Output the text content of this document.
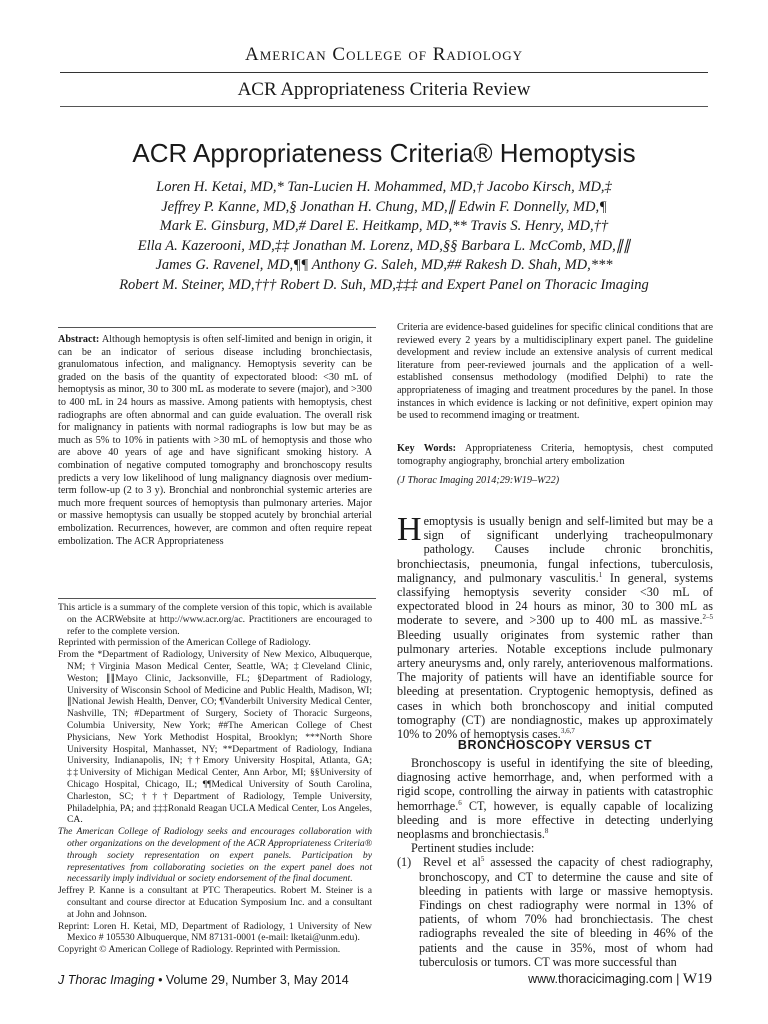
American College of Radiology
ACR Appropriateness Criteria Review
ACR Appropriateness Criteria® Hemoptysis
Loren H. Ketai, MD,* Tan-Lucien H. Mohammed, MD,† Jacobo Kirsch, MD,‡
Jeffrey P. Kanne, MD,§ Jonathan H. Chung, MD,∥ Edwin F. Donnelly, MD,¶
Mark E. Ginsburg, MD,# Darel E. Heitkamp, MD,** Travis S. Henry, MD,††
Ella A. Kazerooni, MD,‡‡ Jonathan M. Lorenz, MD,§§ Barbara L. McComb, MD,∥∥
James G. Ravenel, MD,¶¶ Anthony G. Saleh, MD,## Rakesh D. Shah, MD,***
Robert M. Steiner, MD,††† Robert D. Suh, MD,‡‡‡ and Expert Panel on Thoracic Imaging
Abstract: Although hemoptysis is often self-limited and benign in origin, it can be an indicator of serious disease including bronchiectasis, granulomatous infection, and malignancy. Hemoptysis severity can be graded on the basis of the quantity of expectorated blood: <30 mL of hemoptysis as minor, 30 to 300 mL as moderate to severe (major), and >300 to 400 mL in 24 hours as massive. Among patients with hemoptysis, chest radiographs are often abnormal and can guide evaluation. The overall risk for malignancy in patients with normal radiographs is low but may be as much as 5% to 10% in patients with >30 mL of hemoptysis and those who are above 40 years of age and have significant smoking history. A combination of negative computed tomography and bronchoscopy results predicts a very low likelihood of lung malignancy diagnosis over medium-term follow-up (2 to 3 y). Bronchial and nonbronchial systemic arteries are much more frequent sources of hemoptysis than pulmonary arteries. Major or massive hemoptysis can usually be stopped acutely by bronchial arterial embolization. Recurrences, however, are common and often require repeat embolization. The ACR Appropriateness

This article is a summary of the complete version of this topic, which is available on the ACRWebsite at http://www.acr.org/ac. Practitioners are encouraged to refer to the complete version.

Reprinted with permission of the American College of Radiology.

From the *Department of Radiology, University of New Mexico, Albuquerque, NM; †Virginia Mason Medical Center, Seattle, WA; ‡Cleveland Clinic, Weston; ∥∥Mayo Clinic, Jacksonville, FL; §Department of Radiology, University of Wisconsin School of Medicine and Public Health, Madison, WI; ∥National Jewish Health, Denver, CO; ¶Vanderbilt University Medical Center, Nashville, TN; #Department of Surgery, Society of Thoracic Surgeons, Columbia University, New York; ##The American College of Chest Physicians, New York Methodist Hospital, Brooklyn; ***North Shore University Hospital, Manhasset, NY; **Department of Radiology, Indiana University, Indianapolis, IN; ††Emory University Hospital, Atlanta, GA; ‡‡University of Michigan Medical Center, Ann Arbor, MI; §§University of Chicago Hospital, Chicago, IL; ¶¶Medical University of South Carolina, Charleston, SC; †††Department of Radiology, Temple University, Philadelphia, PA; and ‡‡‡Ronald Reagan UCLA Medical Center, Los Angeles, CA.

The American College of Radiology seeks and encourages collaboration with other organizations on the development of the ACR Appropriateness Criteria® through society representation on expert panels. Participation by representatives from collaborating societies on the expert panel does not necessarily imply individual or society endorsement of the final document.

Jeffrey P. Kanne is a consultant at PTC Therapeutics. Robert M. Steiner is a consultant and course director at Education Symposium Inc. and a consultant at John and Johnson.

Reprint: Loren H. Ketai, MD, Department of Radiology, 1 University of New Mexico # 105530 Albuquerque, NM 87131-0001 (e-mail: lketai@unm.edu).

Copyright © American College of Radiology. Reprinted with Permission.

Criteria are evidence-based guidelines for specific clinical conditions that are reviewed every 2 years by a multidisciplinary expert panel. The guideline development and review include an extensive analysis of current medical literature from peer-reviewed journals and the application of a well-established consensus methodology (modified Delphi) to rate the appropriateness of imaging and treatment procedures by the panel. In those instances in which evidence is lacking or not definitive, expert opinion may be used to recommend imaging or treatment.
Key Words: Appropriateness Criteria, hemoptysis, chest computed tomography angiography, bronchial artery embolization
(J Thorac Imaging 2014;29:W19–W22)
Hemoptysis is usually benign and self-limited but may be a sign of significant underlying tracheopulmonary pathology. Causes include chronic bronchitis, bronchiectasis, pneumonia, fungal infections, tuberculosis, malignancy, and pulmonary vasculitis.$^1$ In general, systems classifying hemoptysis severity consider <30 mL of expectorated blood in 24 hours as minor, 30 to 300 mL as moderate to severe, and >300 up to 400 mL as massive.$^{2-5}$ Bleeding usually originates from systemic rather than pulmonary arteries. Notable exceptions include pulmonary artery aneurysms and, only rarely, anteriovenous malformations. The majority of patients will have an identifiable source for bleeding at presentation. Cryptogenic hemoptysis, defined as cases in which both bronchoscopy and initial computed tomography (CT) are nondiagnostic, makes up approximately 10% to 20% of hemoptysis cases.$^{3,6,7}$
BRONCHOSCOPY VERSUS CT

Bronchoscopy is useful in identifying the site of bleeding, diagnosing active hemorrhage, and, when performed with a rigid scope, controlling the airway in patients with catastrophic hemorrhage.$^6$ CT, however, is equally capable of localizing bleeding and is more effective in detecting underlying neoplasms and bronchiectasis.$^8$

Pertinent studies include:

(1) Revel et $al^5$ assessed the capacity of chest radiography, bronchoscopy, and CT to determine the cause and site of bleeding in patients with large or massive hemoptysis. Findings on chest radiography were normal in 13% of patients, of whom 70% had bronchiectasis. The chest radiographs revealed the site of bleeding in 46% of the patients and the cause in 35%, most of whom had tuberculosis or tumors. CT was more successful than

J Thorac Imaging • Volume 29, Number 3, May 2014	www.thoracicimaging.com | W19
